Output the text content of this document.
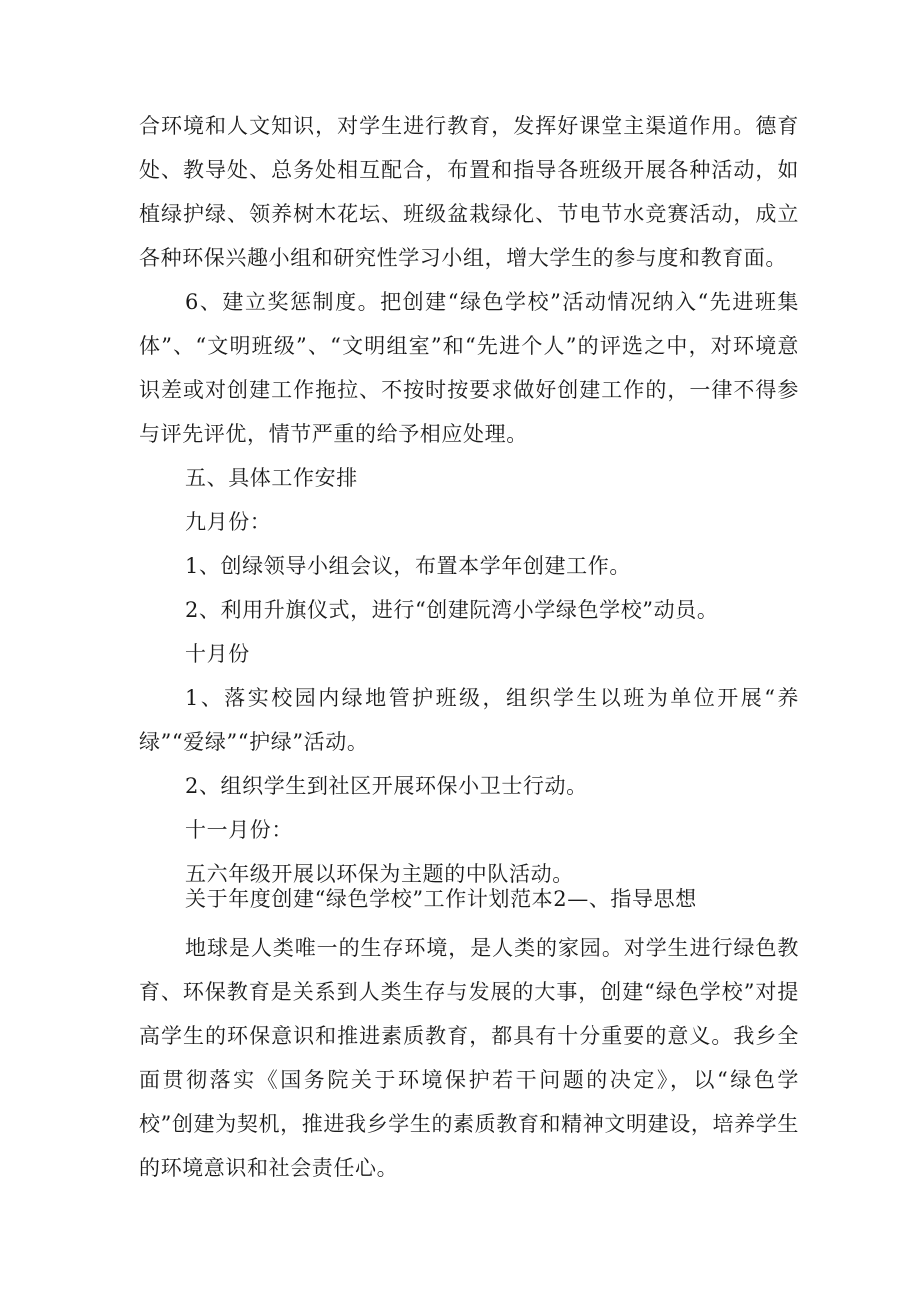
合环境和人文知识，对学生进行教育，发挥好课堂主渠道作用。德育处、教导处、总务处相互配合，布置和指导各班级开展各种活动，如植绿护绿、领养树木花坛、班级盆栽绿化、节电节水竞赛活动，成立各种环保兴趣小组和研究性学习小组，增大学生的参与度和教育面。

6、建立奖惩制度。把创建“绿色学校”活动情况纳入“先进班集体”、“文明班级”、“文明组室”和“先进个人”的评选之中，对环境意识差或对创建工作拖拉、不按时按要求做好创建工作的，一律不得参与评先评优，情节严重的给予相应处理。

五、具体工作安排

九月份：

1、创绿领导小组会议，布置本学年创建工作。

2、利用升旗仪式，进行“创建阮湾小学绿色学校”动员。

十月份

1、落实校园内绿地管护班级，组织学生以班为单位开展“养绿”“爱绿”“护绿”活动。

2、组织学生到社区开展环保小卫士行动。

十一月份：

五六年级开展以环保为主题的中队活动。

关于年度创建“绿色学校”工作计划范本2—、指导思想

地球是人类唯一的生存环境，是人类的家园。对学生进行绿色教育、环保教育是关系到人类生存与发展的大事，创建“绿色学校”对提高学生的环保意识和推进素质教育，都具有十分重要的意义。我乡全面贯彻落实《国务院关于环境保护若干问题的决定》，以“绿色学校”创建为契机，推进我乡学生的素质教育和精神文明建设，培养学生的环境意识和社会责任心。
